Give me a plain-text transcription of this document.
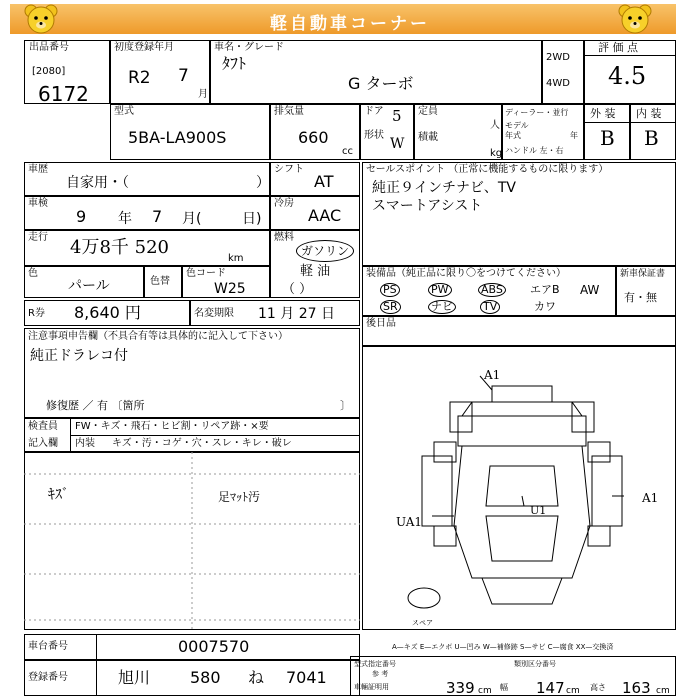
軽自動車コーナー
出品番号
[2080]
6172
初度登録年月
R2 7
月
車名・グレード
ﾀﾌﾄ
G ターボ
2WD
4WD
評 価 点
4.5
型式
5BA-LA900S
排気量
660
cc
ドア 5
形状
W
定員
人
積載
kg
ディーラー・並行
モデル
年式	年
ハンドル 左・右
外 装 内 装
B B
車歴
自家用・（	）
シフト
AT
車検
9 年 7 月(	日)
冷房
AAC
走行 4万8千 520
km
燃料
ガソリン
軽 油
（ ）
色
パール	色替
色コード
W25
R券 8,640 円	名変期限 11 月 27 日
セールスポイント （正常に機能するものに限ります）
純正９インチナビ、TV
スマートアシスト
装備品（純正品に限り〇をつけてください）
PS	PW	ABS エアB AW
SR	ナビ	TV	カワ
新車保証書
有・無
後日品
注意事項申告欄（不具合有等は具体的に記入して下さい）
純正ドラレコ付
修復歴 ／ 有 〔箇所	〕
検査員
記入欄
FW・キズ・飛石・ヒビ割・リペア跡・×要
内装 キズ・汚・コゲ・穴・スレ・キレ・破レ
ｷｽﾞ	足ﾏｯﾄ汚
A1
A1
U1
UA1
スペア
A—キズ E—エクボ U—凹み W—補修跡 S—サビ C—腐食 XX—交換済
車台番号	0007570
登録番号	旭川 580 ね 7041
型式指定番号
参 考
類別区分番号
車輛証明用	339 cm 幅 147 cm 高さ 163 cm
